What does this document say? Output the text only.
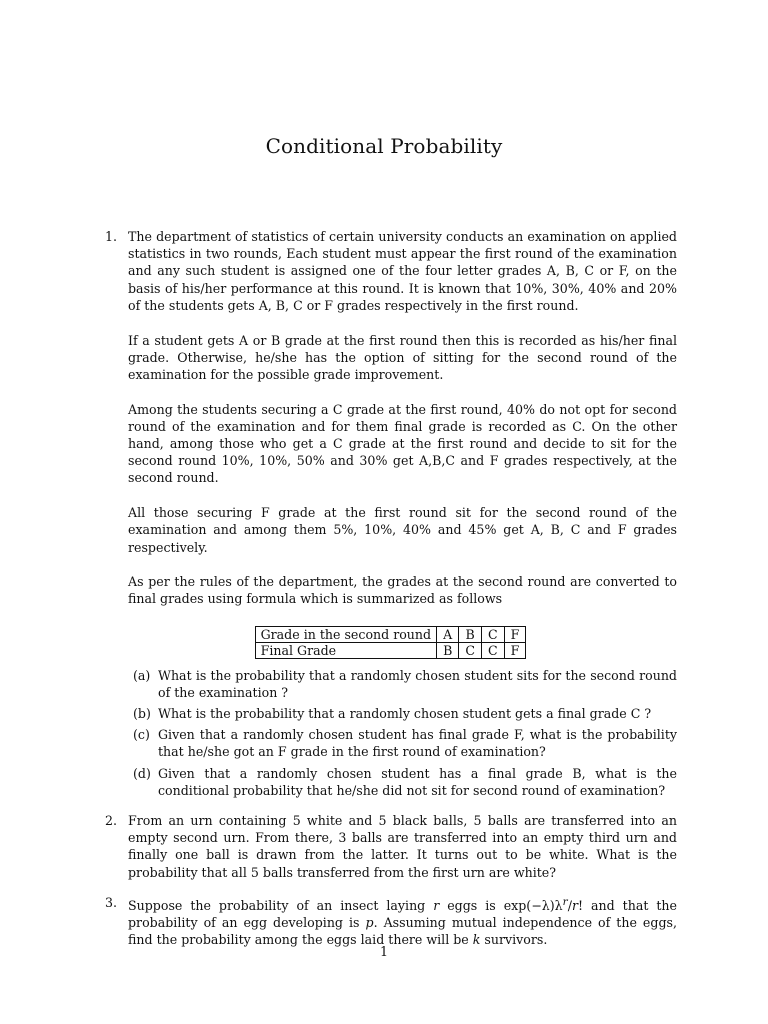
Conditional Probability
1. The department of statistics of certain university conducts an examination on applied statistics in two rounds, Each student must appear the first round of the examination and any such student is assigned one of the four letter grades A, B, C or F, on the basis of his/her performance at this round. It is known that 10%, 30%, 40% and 20% of the students gets A, B, C or F grades respectively in the first round.

If a student gets A or B grade at the first round then this is recorded as his/her final grade. Otherwise, he/she has the option of sitting for the second round of the examination for the possible grade improvement.

Among the students securing a C grade at the first round, 40% do not opt for second round of the examination and for them final grade is recorded as C. On the other hand, among those who get a C grade at the first round and decide to sit for the second round 10%, 10%, 50% and 30% get A,B,C and F grades respectively, at the second round.

All those securing F grade at the first round sit for the second round of the examination and among them 5%, 10%, 40% and 45% get A, B, C and F grades respectively.

As per the rules of the department, the grades at the second round are converted to final grades using formula which is summarized as follows

Grade in the second round	A	B	C	F
Final Grade	B	C	C	F
(a) What is the probability that a randomly chosen student sits for the second round of the examination ?
(b) What is the probability that a randomly chosen student gets a final grade C ?
(c) Given that a randomly chosen student has final grade F, what is the probability that he/she got an F grade in the first round of examination?
(d) Given that a randomly chosen student has a final grade B, what is the conditional probability that he/she did not sit for second round of examination?
2. From an urn containing 5 white and 5 black balls, 5 balls are transferred into an empty second urn. From there, 3 balls are transferred into an empty third urn and finally one ball is drawn from the latter. It turns out to be white. What is the probability that all 5 balls transferred from the first urn are white?

3. Suppose the probability of an insect laying r eggs is $\exp(-\lambda)\lambda^r/r$! and that the probability of an egg developing is p. Assuming mutual independence of the eggs, find the probability among the eggs laid there will be k survivors.

1
